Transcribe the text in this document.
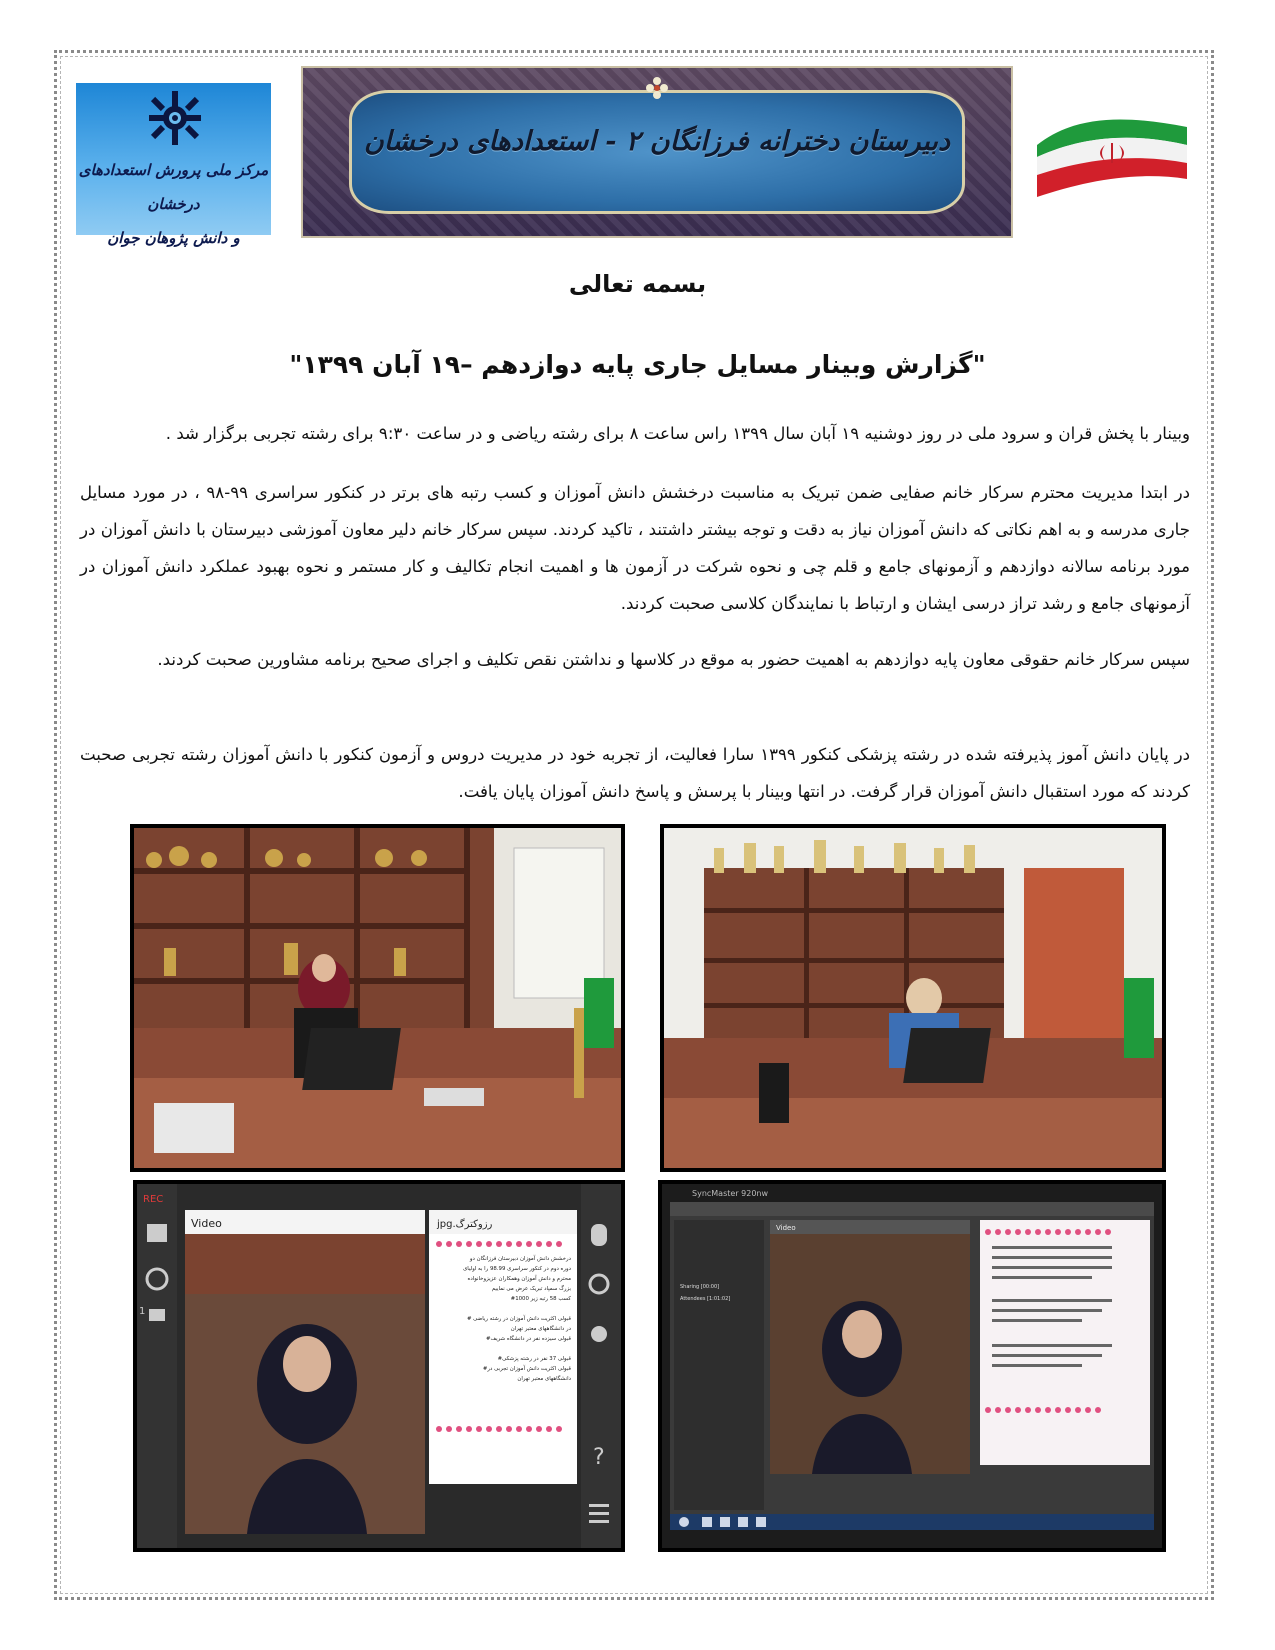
مرکز ملی پرورش استعدادهای درخشان
و دانش پژوهان جوان
دبیرستان دخترانه فرزانگان ۲ - استعدادهای درخشان
بسمه تعالی
"گزارش وبینار مسایل جاری پایه دوازدهم –۱۹ آبان ۱۳۹۹"
وبینار با پخش قران و سرود ملی در روز دوشنیه ۱۹ آبان سال ۱۳۹۹ راس ساعت ۸ برای رشته ریاضی و در ساعت ۹:۳۰ برای رشته تجربی برگزار شد .
در ابتدا مدیریت محترم سرکار خانم صفایی ضمن تبریک به مناسبت درخشش دانش آموزان و کسب رتبه های برتر در کنکور سراسری ۹۹-۹۸ ، در مورد مسایل جاری مدرسه و به اهم نکاتی که دانش آموزان نیاز به دقت و توجه بیشتر داشتند ، تاکید کردند. سپس سرکار خانم دلیر معاون آموزشی دبیرستان با دانش آموزان در مورد برنامه سالانه دوازدهم و آزمونهای جامع و قلم چی و نحوه شرکت در آزمون ها و اهمیت انجام تکالیف و کار مستمر و نحوه بهبود عملکرد دانش آموزان در آزمونهای جامع و رشد تراز درسی ایشان و ارتباط با نمایندگان کلاسی صحبت کردند.
سپس سرکار خانم حقوقی معاون پایه دوازدهم به اهمیت حضور به موقع در کلاسها و نداشتن نقص تکلیف و اجرای صحیح برنامه مشاورین صحبت کردند.
در پایان دانش آموز پذیرفته شده در رشته پزشکی کنکور ۱۳۹۹ سارا فعالیت، از تجربه خود در مدیریت دروس و آزمون کنکور با دانش آموزان رشته تجربی صحبت کردند که مورد استقبال دانش آموزان قرار گرفت. در انتها وبینار با پرسش و پاسخ دانش آموزان پایان یافت.
REC
1
Video	jpg.رزوکترگ
درخشش دانش آموزان دبیرستان فرزانگان دو
دوره دوم در کنکور سراسری 98.99 را به اولیای
محترم و دانش آموزان وهمکاران عزیزوخانواده
بزرگ سمپاد تبریک عرض می نماییم
#کسب 58 رتبه زیر 1000
# قبولی اکثریت دانش آموزان در رشته ریاضی
در دانشگاههای معتبر تهران
#قبولی سیزده نفر در دانشگاه شریف
#قبولی 37 نفر در رشته پزشکی
#قبولی اکثریت دانش آموزان تجربی در
دانشگاههای معتبر تهران
?
SyncMaster 920nw
Sharing [00:00]
Attendees [1:01:02]
Video
